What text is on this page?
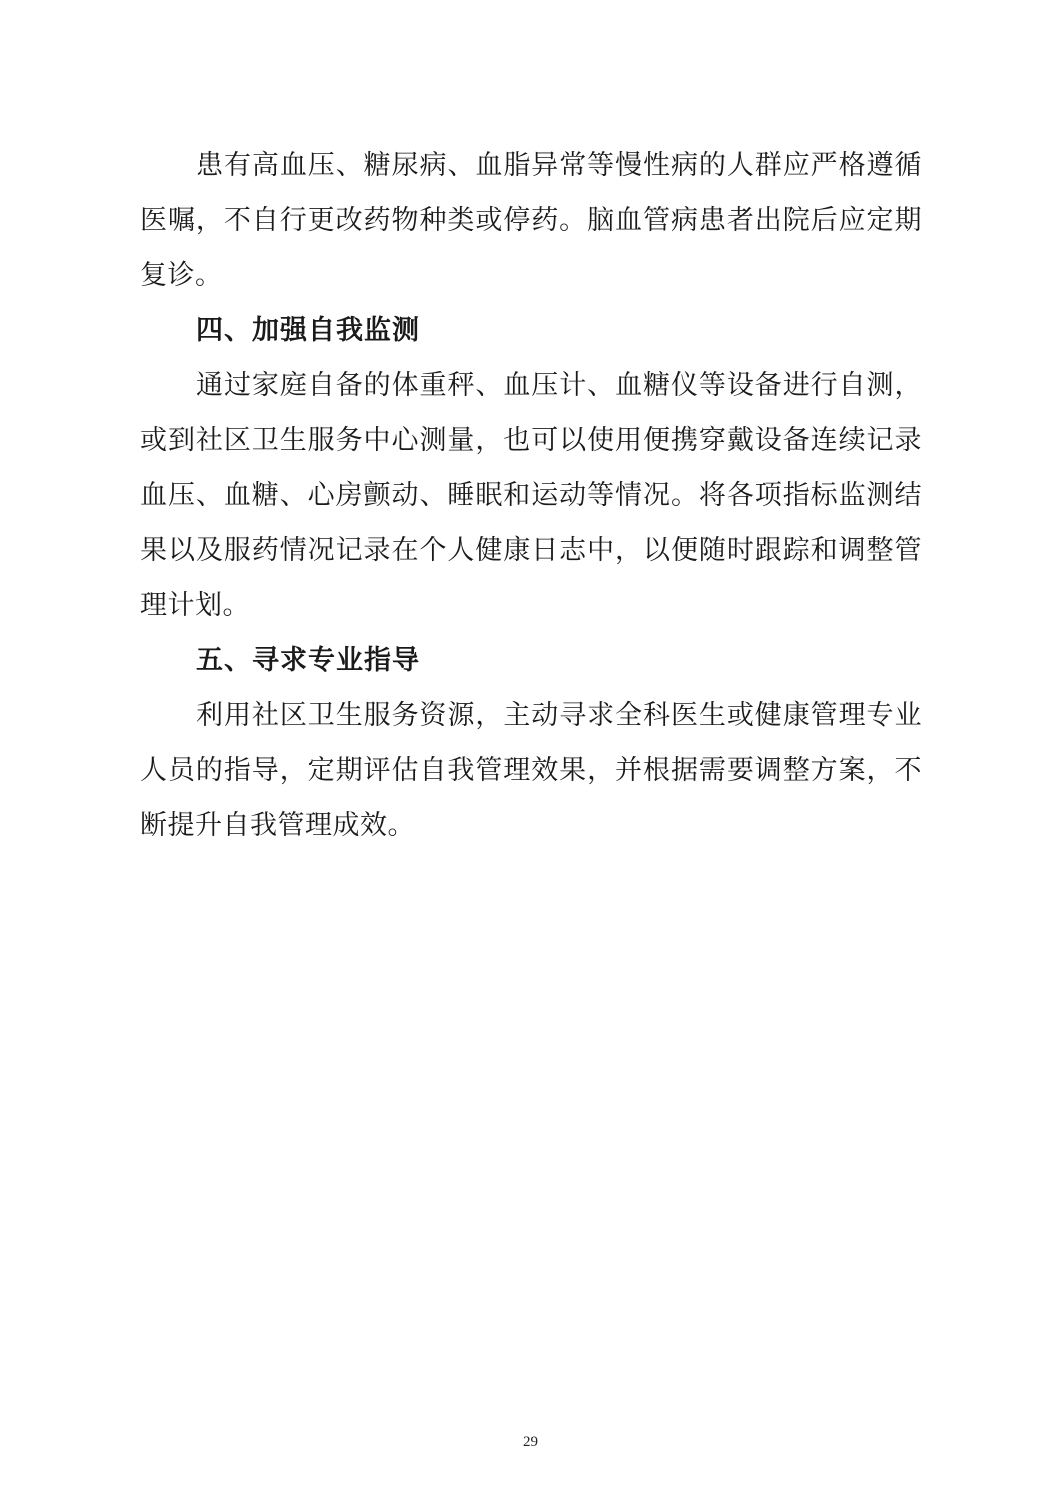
患有高血压、糖尿病、血脂异常等慢性病的人群应严格遵循医嘱，不自行更改药物种类或停药。脑血管病患者出院后应定期复诊。

四、加强自我监测

通过家庭自备的体重秤、血压计、血糖仪等设备进行自测，或到社区卫生服务中心测量，也可以使用便携穿戴设备连续记录血压、血糖、心房颤动、睡眠和运动等情况。将各项指标监测结果以及服药情况记录在个人健康日志中，以便随时跟踪和调整管理计划。

五、寻求专业指导

利用社区卫生服务资源，主动寻求全科医生或健康管理专业人员的指导，定期评估自我管理效果，并根据需要调整方案，不断提升自我管理成效。

29
